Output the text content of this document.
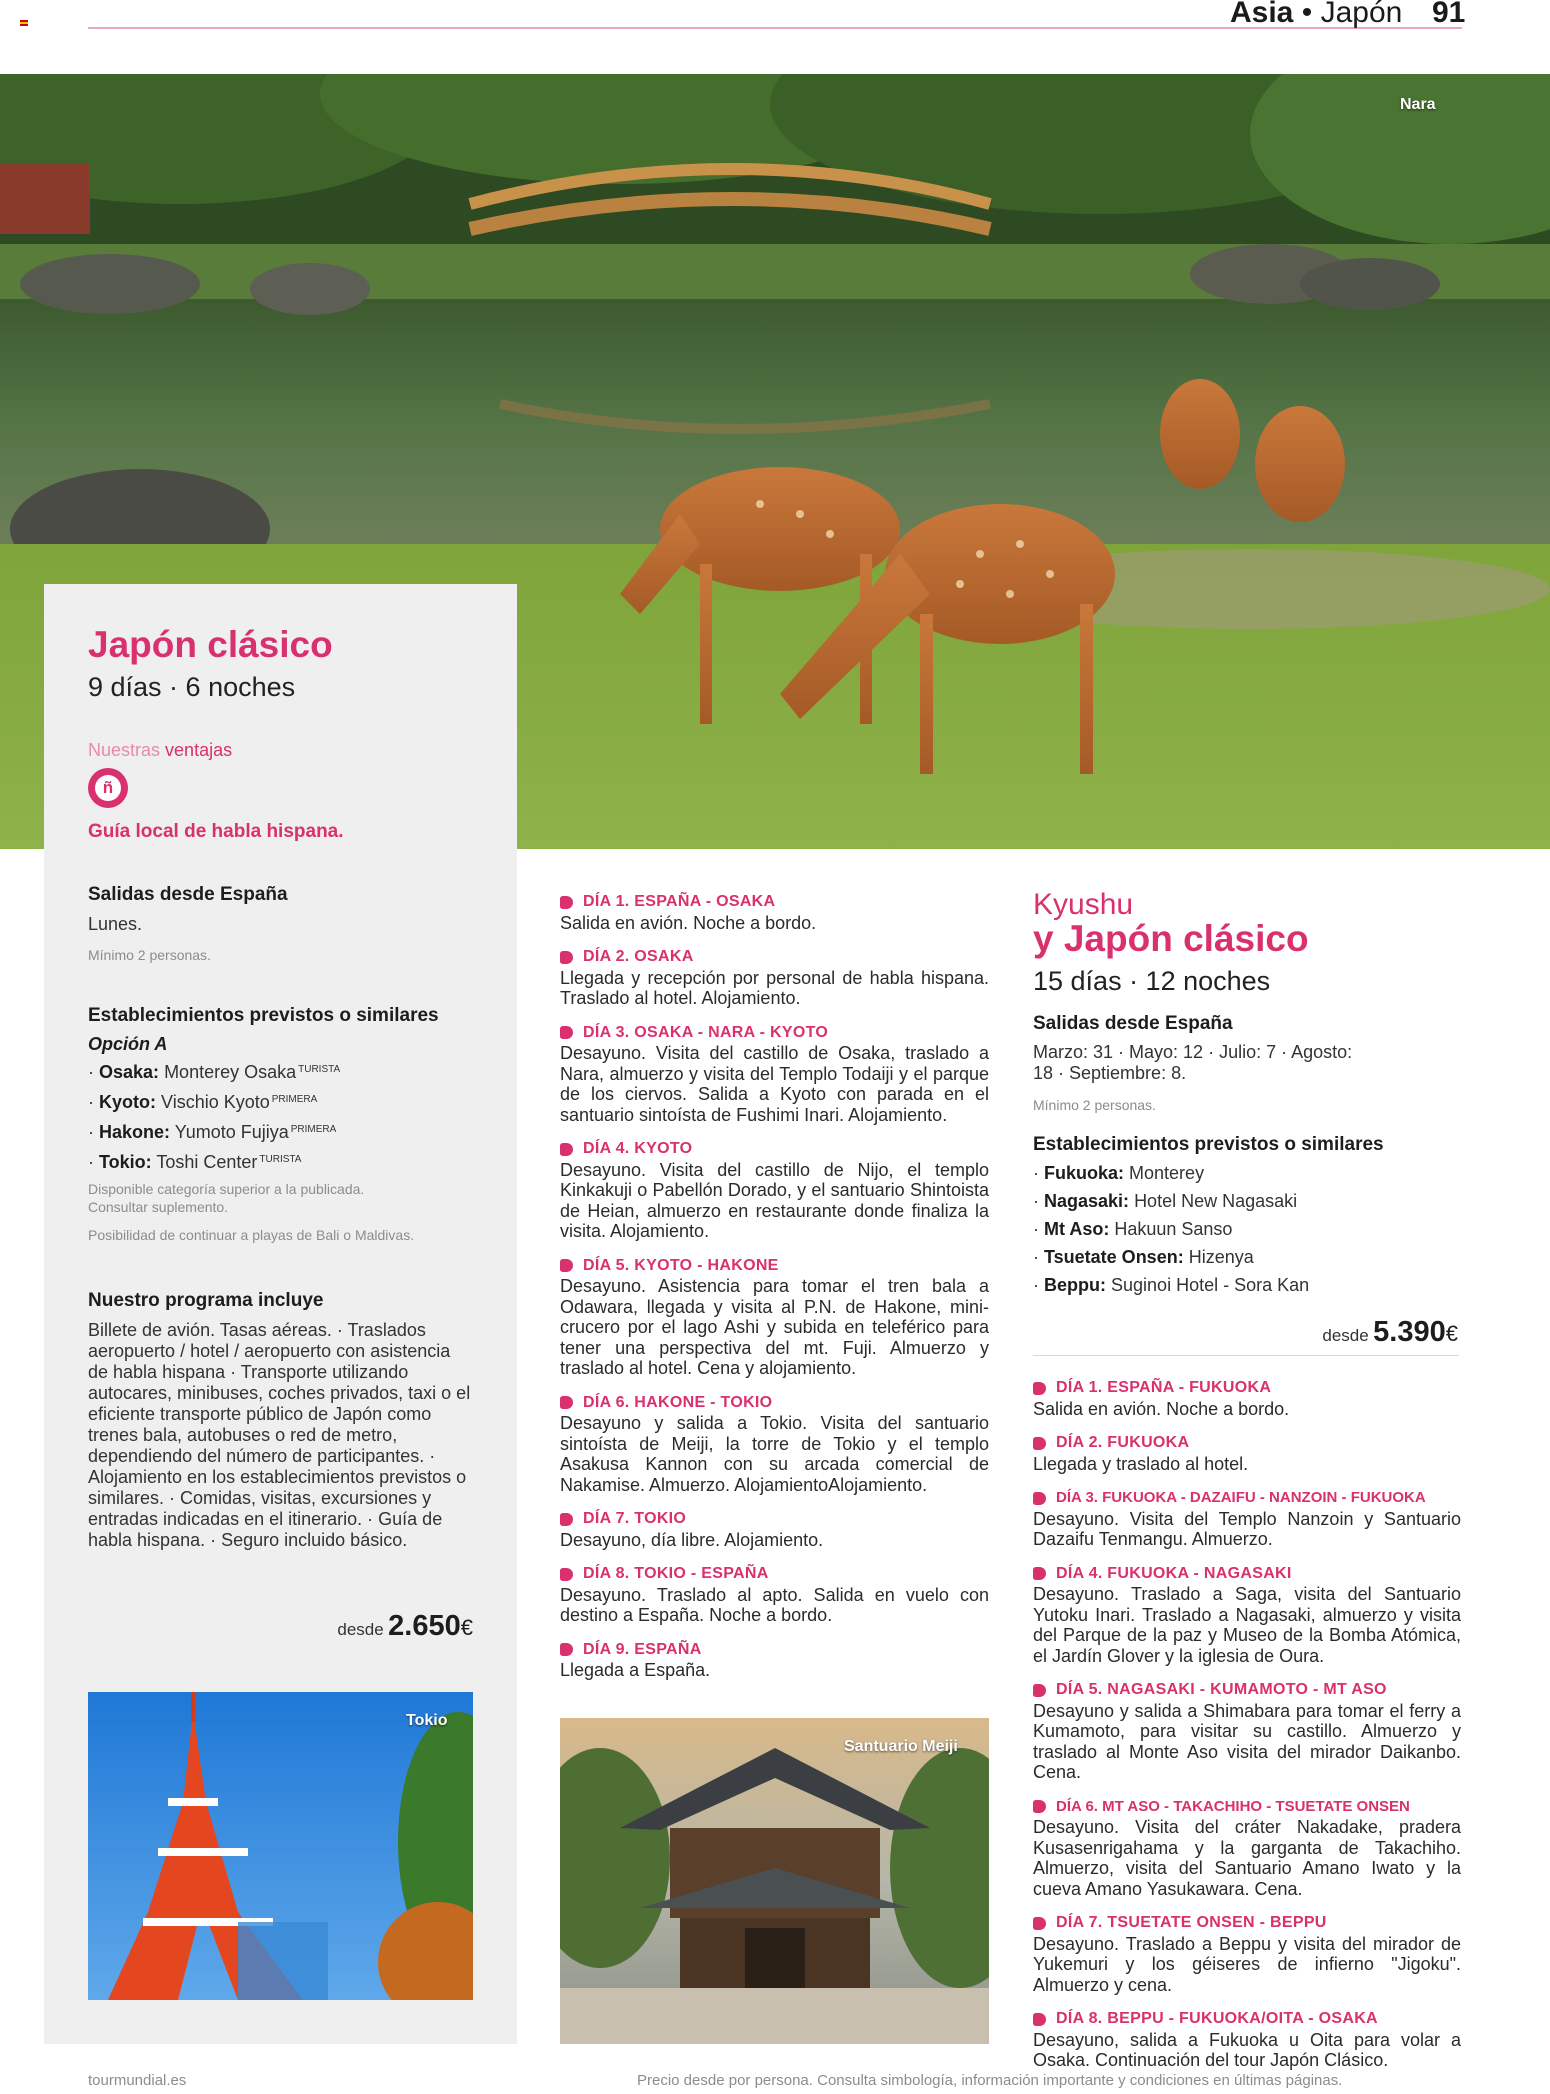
Asia • Japón 91
Nara
Japón clásico
9 días · 6 noches
Nuestras ventajas
ñ
Guía local de habla hispana.
Salidas desde España
Lunes.
Mínimo 2 personas.
Establecimientos previstos o similares
Opción A
· Osaka: Monterey Osaka $^{TURISTA}$
· Kyoto: Vischio Kyoto $^{PRIMERA}$
· Hakone: Yumoto Fujiya $^{PRIMERA}$
· Tokio: Toshi Center $^{TURISTA}$
Disponible categoría superior a la publicada. Consultar suplemento.
Posibilidad de continuar a playas de Bali o Maldivas.
Nuestro programa incluye
Billete de avión. Tasas aéreas. · Traslados aeropuerto / hotel / aeropuerto con asistencia de habla hispana · Transporte utilizando autocares, minibuses, coches privados, taxi o el eficiente transporte público de Japón como trenes bala, autobuses o red de metro, dependiendo del número de participantes. · Alojamiento en los establecimientos previstos o similares. · Comidas, visitas, excursiones y entradas indicadas en el itinerario. · Guía de habla hispana. · Seguro incluido básico.
desde 2.650€
Tokio
DÍA 1. ESPAÑA - OSAKA
Salida en avión. Noche a bordo.
DÍA 2. OSAKA
Llegada y recepción por personal de habla hispana. Traslado al hotel. Alojamiento.
DÍA 3. OSAKA - NARA - KYOTO
Desayuno. Visita del castillo de Osaka, traslado a Nara, almuerzo y visita del Templo Todaiji y el parque de los ciervos. Salida a Kyoto con parada en el santuario sintoísta de Fushimi Inari. Alojamiento.
DÍA 4. KYOTO
Desayuno. Visita del castillo de Nijo, el templo Kinkakuji o Pabellón Dorado, y el santuario Shintoista de Heian, almuerzo en restaurante donde finaliza la visita. Alojamiento.
DÍA 5. KYOTO - HAKONE
Desayuno. Asistencia para tomar el tren bala a Odawara, llegada y visita al P.N. de Hakone, mini-crucero por el lago Ashi y subida en teleférico para tener una perspectiva del mt. Fuji. Almuerzo y traslado al hotel. Cena y alojamiento.
DÍA 6. HAKONE - TOKIO
Desayuno y salida a Tokio. Visita del santuario sintoísta de Meiji, la torre de Tokio y el templo Asakusa Kannon con su arcada comercial de Nakamise. Almuerzo. AlojamientoAlojamiento.
DÍA 7. TOKIO
Desayuno, día libre. Alojamiento.
DÍA 8. TOKIO - ESPAÑA
Desayuno. Traslado al apto. Salida en vuelo con destino a España. Noche a bordo.
DÍA 9. ESPAÑA
Llegada a España.
Santuario Meiji
Kyushu
y Japón clásico
15 días · 12 noches
Salidas desde España
Marzo: 31 · Mayo: 12 · Julio: 7 · Agosto: 18 · Septiembre: 8.
Mínimo 2 personas.
Establecimientos previstos o similares
· Fukuoka: Monterey
· Nagasaki: Hotel New Nagasaki
· Mt Aso: Hakuun Sanso
· Tsuetate Onsen: Hizenya
· Beppu: Suginoi Hotel - Sora Kan
desde 5.390€
DÍA 1. ESPAÑA - FUKUOKA
Salida en avión. Noche a bordo.
DÍA 2. FUKUOKA
Llegada y traslado al hotel.
DÍA 3. FUKUOKA - DAZAIFU - NANZOIN - FUKUOKA
Desayuno. Visita del Templo Nanzoin y Santuario Dazaifu Tenmangu. Almuerzo.
DÍA 4. FUKUOKA - NAGASAKI
Desayuno. Traslado a Saga, visita del Santuario Yutoku Inari. Traslado a Nagasaki, almuerzo y visita del Parque de la paz y Museo de la Bomba Atómica, el Jardín Glover y la iglesia de Oura.
DÍA 5. NAGASAKI - KUMAMOTO - MT ASO
Desayuno y salida a Shimabara para tomar el ferry a Kumamoto, para visitar su castillo. Almuerzo y traslado al Monte Aso visita del mirador Daikanbo. Cena.
DÍA 6. MT ASO - TAKACHIHO - TSUETATE ONSEN
Desayuno. Visita del cráter Nakadake, pradera Kusasenrigahama y la garganta de Takachiho. Almuerzo, visita del Santuario Amano Iwato y la cueva Amano Yasukawara. Cena.
DÍA 7. TSUETATE ONSEN - BEPPU
Desayuno. Traslado a Beppu y visita del mirador de Yukemuri y los géiseres de infierno "Jigoku". Almuerzo y cena.
DÍA 8. BEPPU - FUKUOKA/OITA - OSAKA
Desayuno, salida a Fukuoka u Oita para volar a Osaka. Continuación del tour Japón Clásico.
tourmundial.es	Precio desde por persona. Consulta simbología, información importante y condiciones en últimas páginas.
